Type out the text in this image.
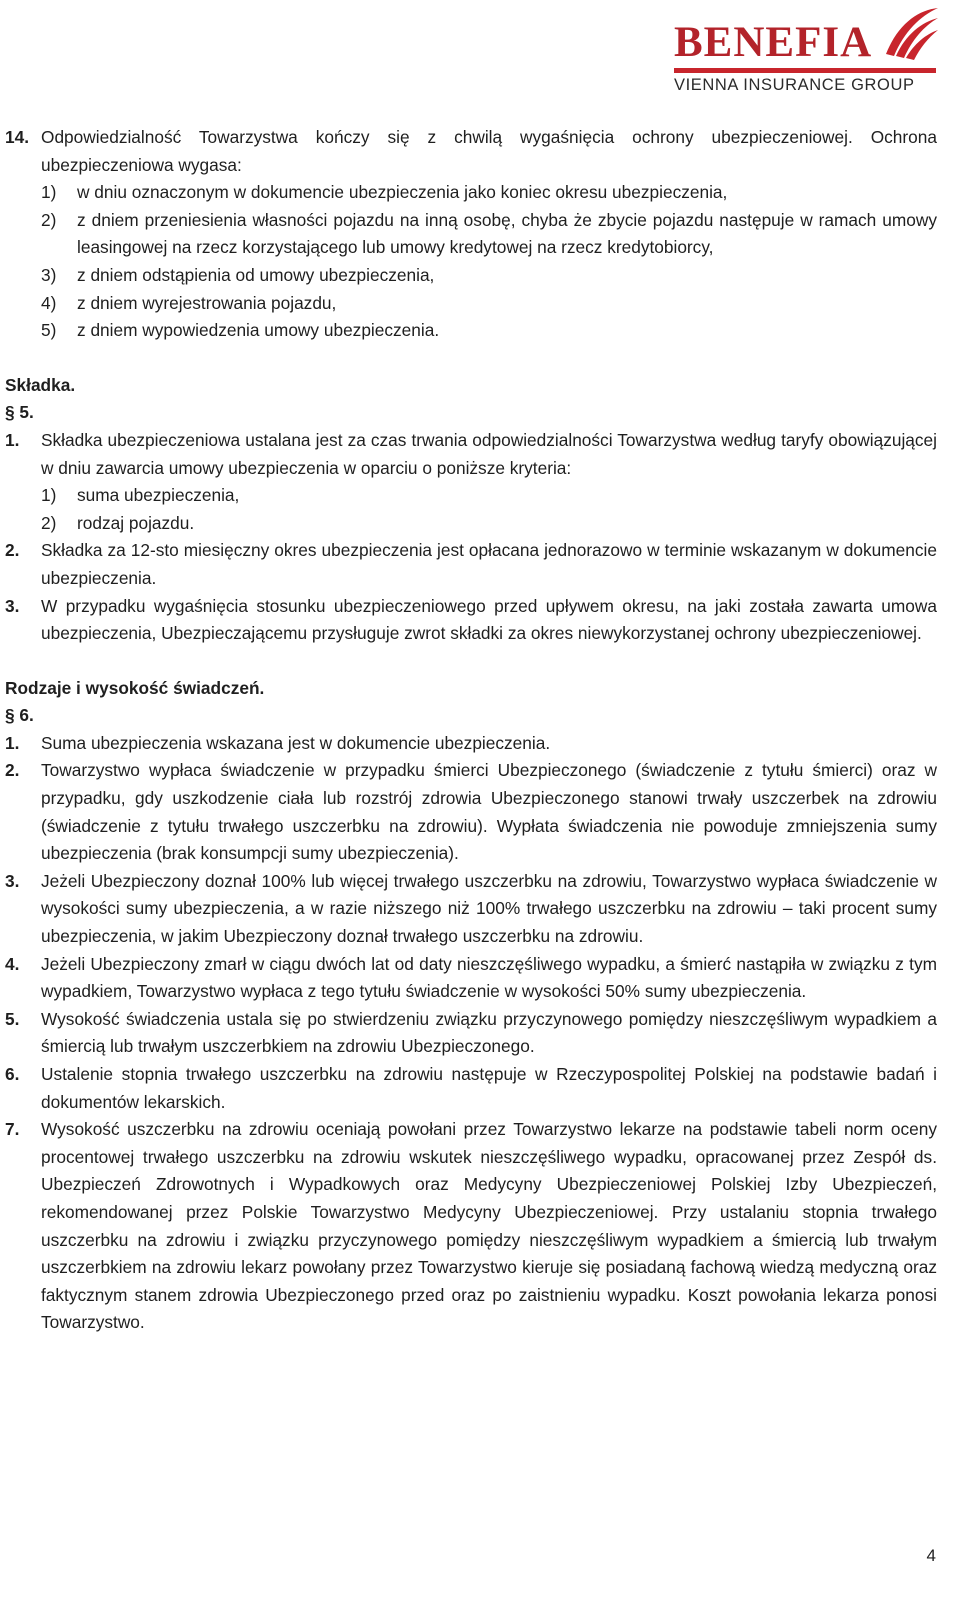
BENEFIA
VIENNA INSURANCE GROUP
14. Odpowiedzialność Towarzystwa kończy się z chwilą wygaśnięcia ochrony ubezpieczeniowej. Ochrona ubezpieczeniowa wygasa:
1)	w dniu oznaczonym w dokumencie ubezpieczenia jako koniec okresu ubezpieczenia,
2)	z dniem przeniesienia własności pojazdu na inną osobę, chyba że zbycie pojazdu następuje w ramach umowy leasingowej na rzecz korzystającego lub umowy kredytowej na rzecz kredytobiorcy,
3)	z dniem odstąpienia od umowy ubezpieczenia,
4)	z dniem wyrejestrowania pojazdu,
5)	z dniem wypowiedzenia umowy ubezpieczenia.
Składka.
§ 5.
1.	Składka ubezpieczeniowa ustalana jest za czas trwania odpowiedzialności Towarzystwa według taryfy obowiązującej w dniu zawarcia umowy ubezpieczenia w oparciu o poniższe kryteria:
1)	suma ubezpieczenia,
2)	rodzaj pojazdu.
2.	Składka za 12-sto miesięczny okres ubezpieczenia jest opłacana jednorazowo w terminie wskazanym w dokumencie ubezpieczenia.
3.	W przypadku wygaśnięcia stosunku ubezpieczeniowego przed upływem okresu, na jaki została zawarta umowa ubezpieczenia, Ubezpieczającemu przysługuje zwrot składki za okres niewykorzystanej ochrony ubezpieczeniowej.
Rodzaje i wysokość świadczeń.
§ 6.
1.	Suma ubezpieczenia wskazana jest w dokumencie ubezpieczenia.
2.	Towarzystwo wypłaca świadczenie w przypadku śmierci Ubezpieczonego (świadczenie z tytułu śmierci) oraz w przypadku, gdy uszkodzenie ciała lub rozstrój zdrowia Ubezpieczonego stanowi trwały uszczerbek na zdrowiu (świadczenie z tytułu trwałego uszczerbku na zdrowiu). Wypłata świadczenia nie powoduje zmniejszenia sumy ubezpieczenia (brak konsumpcji sumy ubezpieczenia).
3.	Jeżeli Ubezpieczony doznał 100% lub więcej trwałego uszczerbku na zdrowiu, Towarzystwo wypłaca świadczenie w wysokości sumy ubezpieczenia, a w razie niższego niż 100% trwałego uszczerbku na zdrowiu – taki procent sumy ubezpieczenia, w jakim Ubezpieczony doznał trwałego uszczerbku na zdrowiu.
4.	Jeżeli Ubezpieczony zmarł w ciągu dwóch lat od daty nieszczęśliwego wypadku, a śmierć nastąpiła w związku z tym wypadkiem, Towarzystwo wypłaca z tego tytułu świadczenie w wysokości 50% sumy ubezpieczenia.
5.	Wysokość świadczenia ustala się po stwierdzeniu związku przyczynowego pomiędzy nieszczęśliwym wypadkiem a śmiercią lub trwałym uszczerbkiem na zdrowiu Ubezpieczonego.
6.	Ustalenie stopnia trwałego uszczerbku na zdrowiu następuje w Rzeczypospolitej Polskiej na podstawie badań i dokumentów lekarskich.
7.	Wysokość uszczerbku na zdrowiu oceniają powołani przez Towarzystwo lekarze na podstawie tabeli norm oceny procentowej trwałego uszczerbku na zdrowiu wskutek nieszczęśliwego wypadku, opracowanej przez Zespół ds. Ubezpieczeń Zdrowotnych i Wypadkowych oraz Medycyny Ubezpieczeniowej Polskiej Izby Ubezpieczeń, rekomendowanej przez Polskie Towarzystwo Medycyny Ubezpieczeniowej. Przy ustalaniu stopnia trwałego uszczerbku na zdrowiu i związku przyczynowego pomiędzy nieszczęśliwym wypadkiem a śmiercią lub trwałym uszczerbkiem na zdrowiu lekarz powołany przez Towarzystwo kieruje się posiadaną fachową wiedzą medyczną oraz faktycznym stanem zdrowia Ubezpieczonego przed oraz po zaistnieniu wypadku. Koszt powołania lekarza ponosi Towarzystwo.
4
